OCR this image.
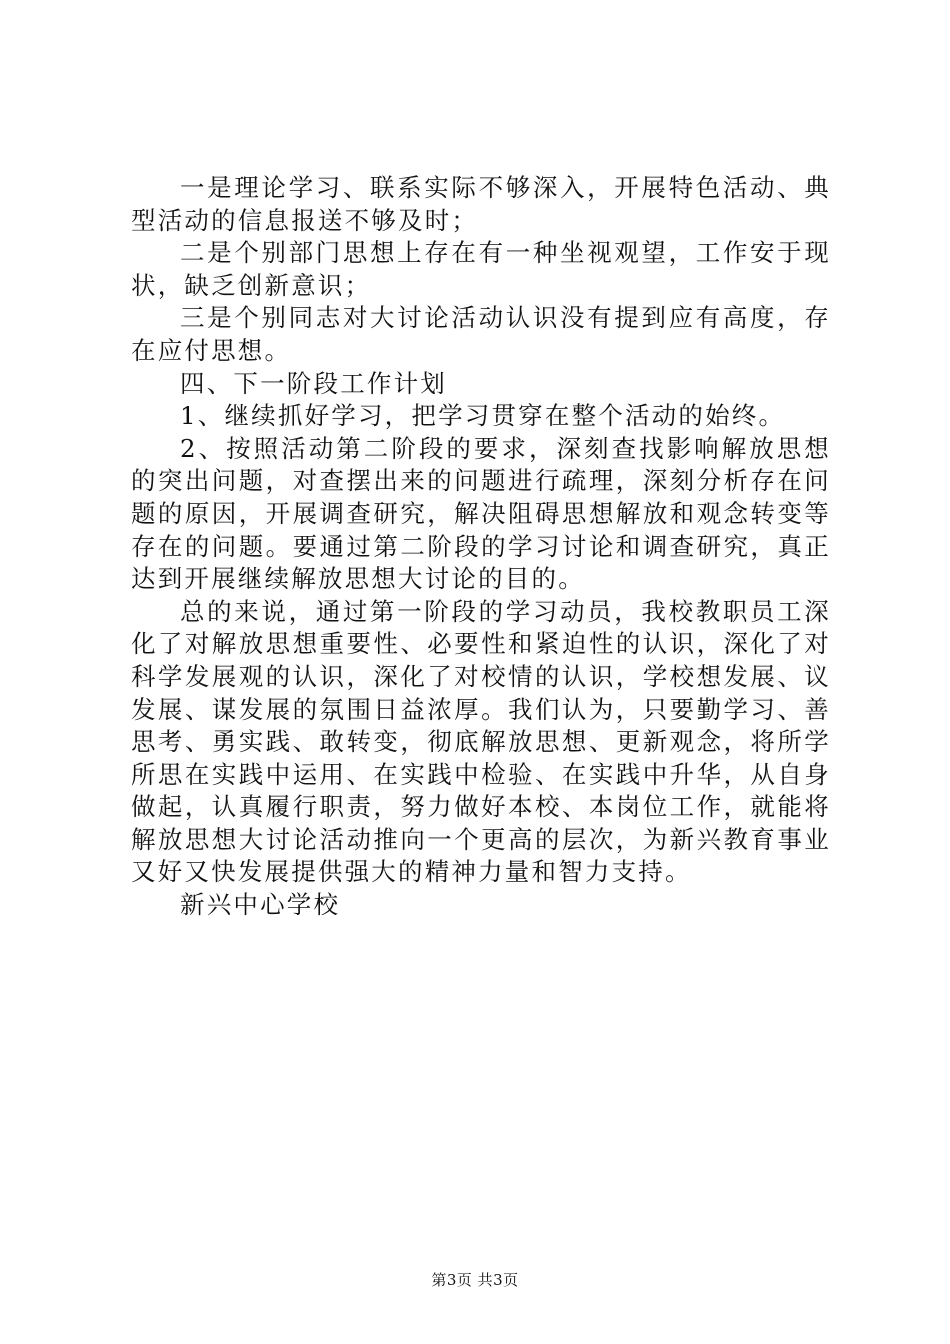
一是理论学习、联系实际不够深入，开展特色活动、典型活动的信息报送不够及时；

二是个别部门思想上存在有一种坐视观望，工作安于现状，缺乏创新意识；

三是个别同志对大讨论活动认识没有提到应有高度，存在应付思想。

四、下一阶段工作计划

1、继续抓好学习，把学习贯穿在整个活动的始终。

2、按照活动第二阶段的要求，深刻查找影响解放思想的突出问题，对查摆出来的问题进行疏理，深刻分析存在问题的原因，开展调查研究，解决阻碍思想解放和观念转变等存在的问题。要通过第二阶段的学习讨论和调查研究，真正达到开展继续解放思想大讨论的目的。

总的来说，通过第一阶段的学习动员，我校教职员工深化了对解放思想重要性、必要性和紧迫性的认识，深化了对科学发展观的认识，深化了对校情的认识，学校想发展、议发展、谋发展的氛围日益浓厚。我们认为，只要勤学习、善思考、勇实践、敢转变，彻底解放思想、更新观念，将所学所思在实践中运用、在实践中检验、在实践中升华，从自身做起，认真履行职责，努力做好本校、本岗位工作，就能将解放思想大讨论活动推向一个更高的层次，为新兴教育事业又好又快发展提供强大的精神力量和智力支持。

新兴中心学校

第3页 共3页
